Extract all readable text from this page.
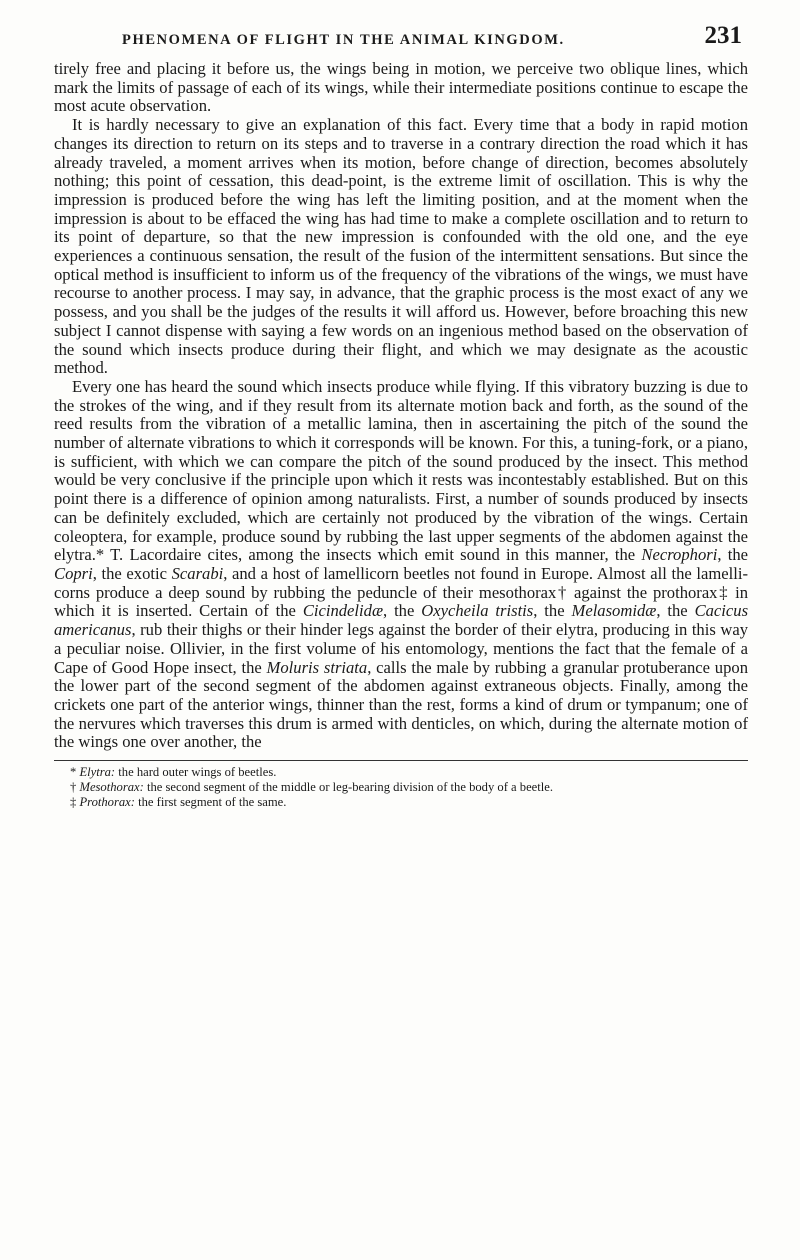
PHENOMENA OF FLIGHT IN THE ANIMAL KINGDOM.	231

tirely free and placing it before us, the wings being in motion, we perceive two oblique lines, which mark the limits of passage of each of its wings, while their intermediate positions continue to escape the most acute observation.

It is hardly necessary to give an explanation of this fact. Every time that a body in rapid motion changes its direction to return on its steps and to traverse in a contrary direction the road which it has already traveled, a moment arrives when its motion, before change of direction, becomes absolutely nothing; this point of cessation, this dead-point, is the extreme limit of oscillation. This is why the impression is produced before the wing has left the limiting position, and at the moment when the impression is about to be effaced the wing has had time to make a complete oscillation and to return to its point of departure, so that the new impression is confounded with the old one, and the eye experiences a continuous sensation, the result of the fusion of the intermittent sensations. But since the optical method is insufficient to inform us of the frequency of the vibrations of the wings, we must have recourse to another process. I may say, in advance, that the graphic process is the most exact of any we possess, and you shall be the judges of the results it will afford us. However, before broaching this new subject I cannot dispense with saying a few words on an ingenious method based on the observation of the sound which insects produce during their flight, and which we may designate as the acoustic method.

Every one has heard the sound which insects produce while flying. If this vibratory buzzing is due to the strokes of the wing, and if they result from its alternate motion back and forth, as the sound of the reed results from the vibration of a metallic lamina, then in ascertaining the pitch of the sound the number of alternate vibrations to which it corresponds will be known. For this, a tuning-fork, or a piano, is sufficient, with which we can compare the pitch of the sound produced by the insect. This method would be very conclusive if the principle upon which it rests was incontestably established. But on this point there is a difference of opinion among naturalists. First, a number of sounds produced by insects can be definitely excluded, which are certainly not produced by the vibration of the wings. Certain coleoptera, for example, produce sound by rubbing the last upper segments of the abdomen against the elytra.* T. Lacordaire cites, among the insects which emit sound in this manner, the Necrophori, the Copri, the exotic Scarabi, and a host of lamellicorn beetles not found in Europe. Almost all the lamellicorns produce a deep sound by rubbing the peduncle of their mesothorax† against the prothorax‡ in which it is inserted. Certain of the Cicindelidæ, the Oxycheila tristis, the Melasomidæ, the Cacicus americanus, rub their thighs or their hinder legs against the border of their elytra, producing in this way a peculiar noise. Ollivier, in the first volume of his entomology, mentions the fact that the female of a Cape of Good Hope insect, the Moluris striata, calls the male by rubbing a granular protuberance upon the lower part of the second segment of the abdomen against extraneous objects. Finally, among the crickets one part of the anterior wings, thinner than the rest, forms a kind of drum or tympanum; one of the nervures which traverses this drum is armed with denticles, on which, during the alternate motion of the wings one over another, the

* Elytra: the hard outer wings of beetles.

† Mesothorax: the second segment of the middle or leg-bearing division of the body of a beetle.

‡ Prothorax: the first segment of the same.
